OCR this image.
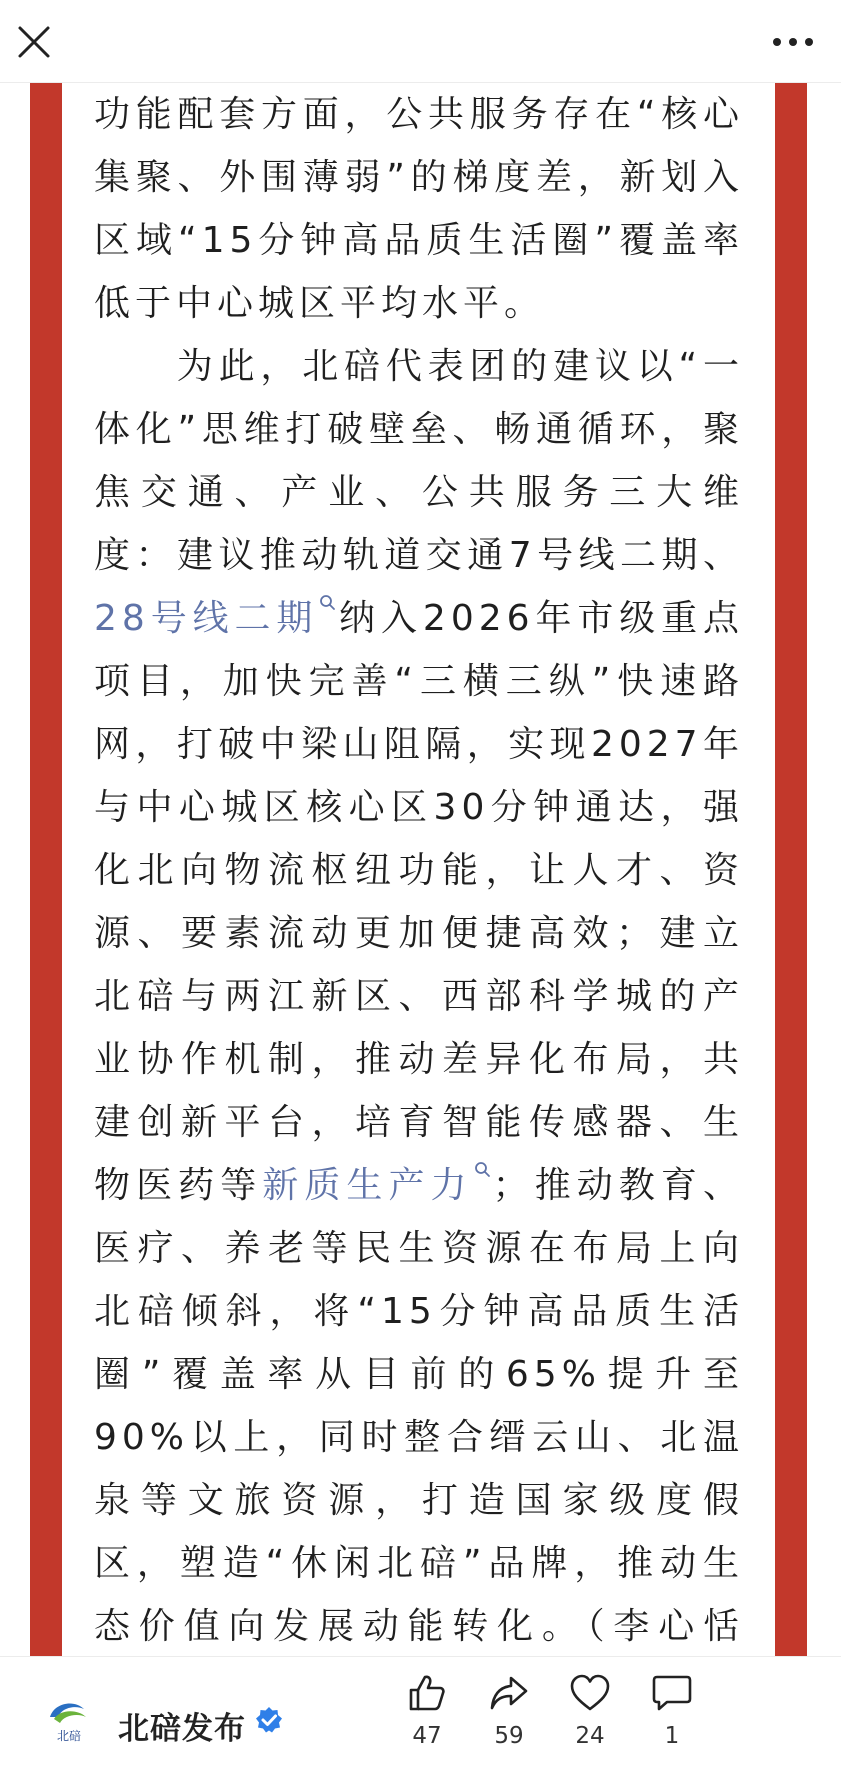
功能配套方面，公共服务存在“核心集聚、外围薄弱”的梯度差，新划入区域“15分钟高品质生活圈”覆盖率低于中心城区平均水平。

为此，北碚代表团的建议以“一体化”思维打破壁垒、畅通循环，聚焦交通、产业、公共服务三大维度：建议推动轨道交通7号线二期、28号线二期 纳入2026年市级重点项目，加快完善“三横三纵”快速路网，打破中梁山阻隔，实现2027年与中心城区核心区30分钟通达，强化北向物流枢纽功能，让人才、资源、要素流动更加便捷高效；建立北碚与两江新区、西部科学城的产业协作机制，推动差异化布局，共建创新平台，培育智能传感器、生物医药等新质生产力 ；推动教育、医疗、养老等民生资源在布局上向北碚倾斜，将“15分钟高品质生活圈”覆盖率从目前的65%提升至90%以上，同时整合缙云山、北温泉等文旅资源，打造国家级度假区，塑造“休闲北碚”品牌，推动生态价值向发展动能转化。（李心恬

北碚 北碚发布	47	59	24	1
